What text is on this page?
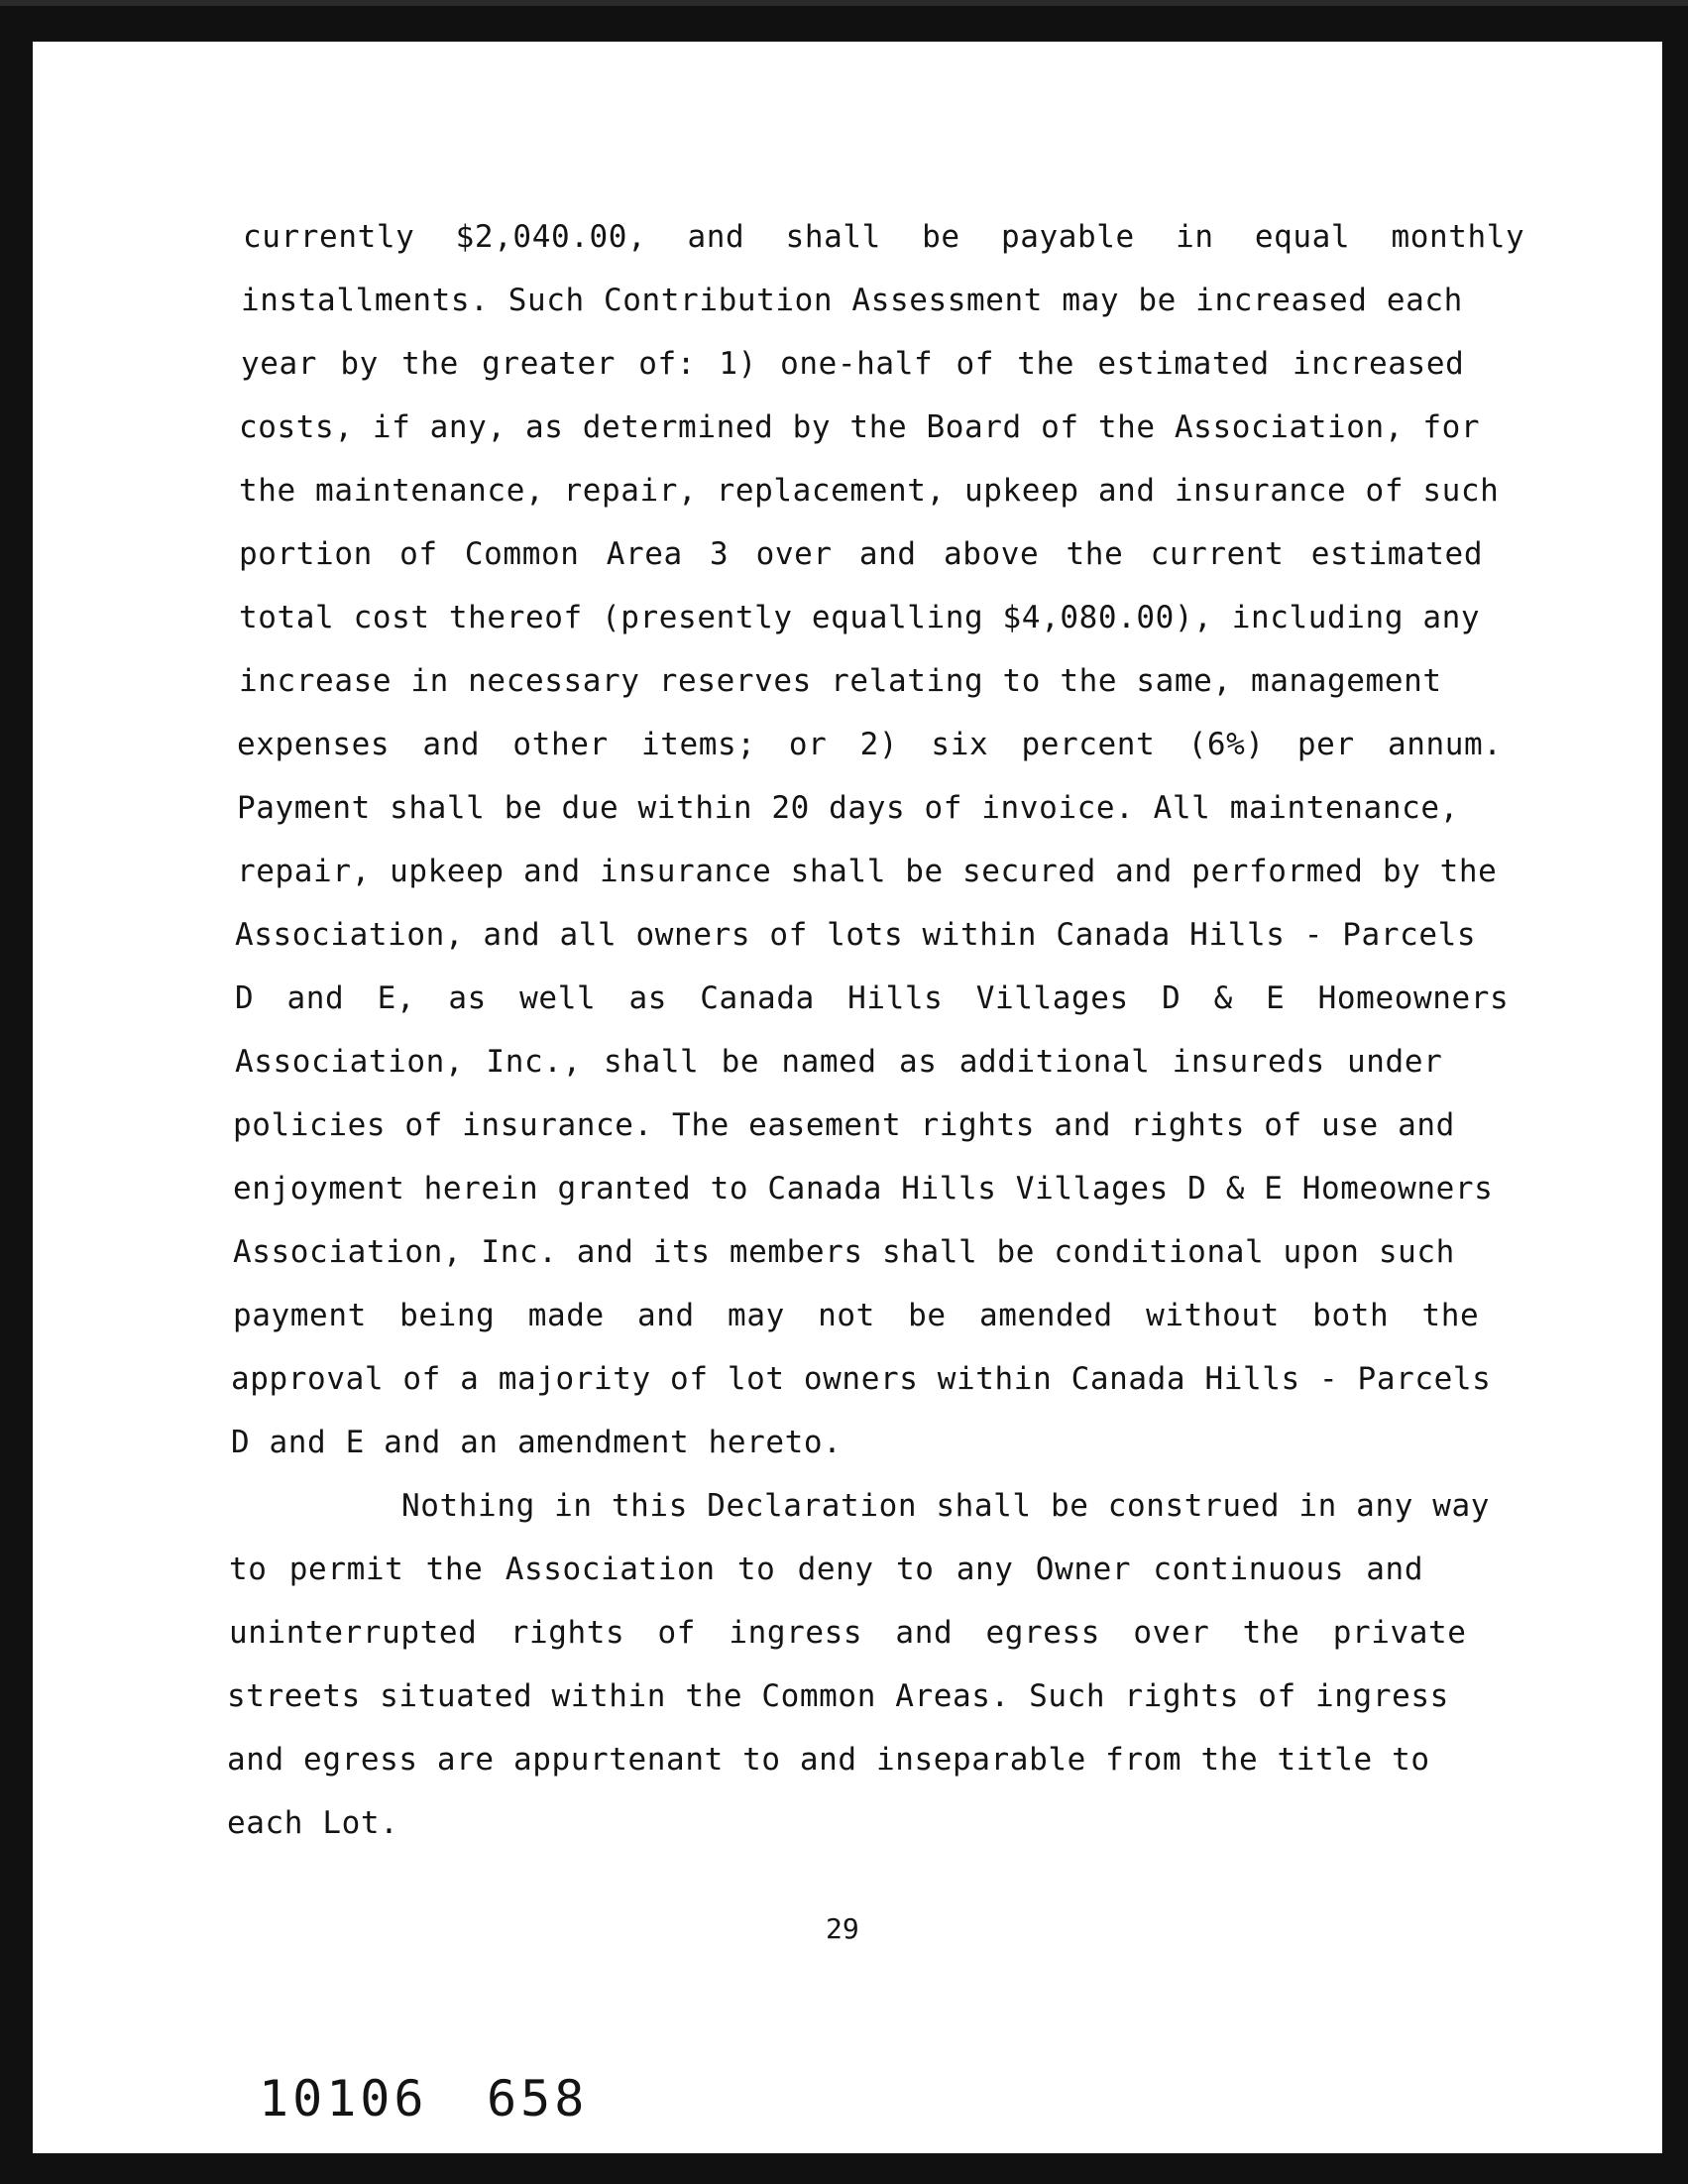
currently $2,040.00, and shall be payable in equal monthly
installments. Such Contribution Assessment may be increased each
year by the greater of: 1) one-half of the estimated increased
costs, if any, as determined by the Board of the Association, for
the maintenance, repair, replacement, upkeep and insurance of such
portion of Common Area 3 over and above the current estimated
total cost thereof (presently equalling $4,080.00), including any
increase in necessary reserves relating to the same, management
expenses and other items; or 2) six percent (6%) per annum.
Payment shall be due within 20 days of invoice. All maintenance,
repair, upkeep and insurance shall be secured and performed by the
Association, and all owners of lots within Canada Hills - Parcels
D and E, as well as Canada Hills Villages D & E Homeowners
Association, Inc., shall be named as additional insureds under
policies of insurance. The easement rights and rights of use and
enjoyment herein granted to Canada Hills Villages D & E Homeowners
Association, Inc. and its members shall be conditional upon such
payment being made and may not be amended without both the
approval of a majority of lot owners within Canada Hills - Parcels
D and E and an amendment hereto.
Nothing in this Declaration shall be construed in any way
to permit the Association to deny to any Owner continuous and
uninterrupted rights of ingress and egress over the private
streets situated within the Common Areas. Such rights of ingress
and egress are appurtenant to and inseparable from the title to
each Lot.
29
10106 658
